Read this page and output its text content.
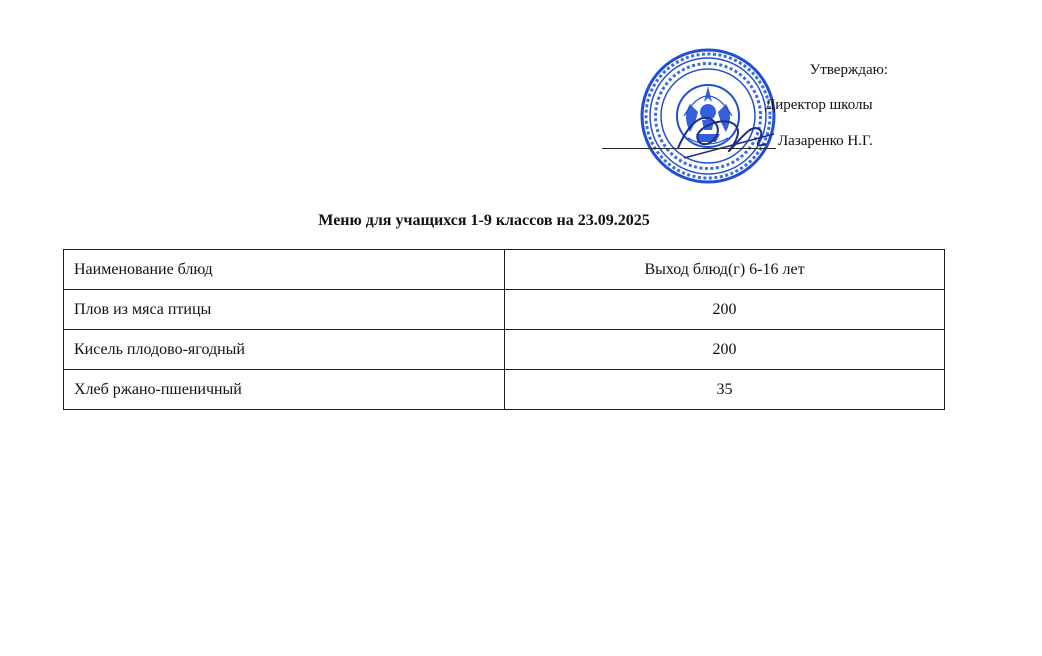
Утверждаю:
Директор школы
Лазаренко Н.Г.
Меню для учащихся 1-9 классов на 23.09.2025
Наименование блюд	Выход блюд(г) 6-16 лет
Плов из мяса птицы	200
Кисель плодово-ягодный	200
Хлеб ржано-пшеничный	35
